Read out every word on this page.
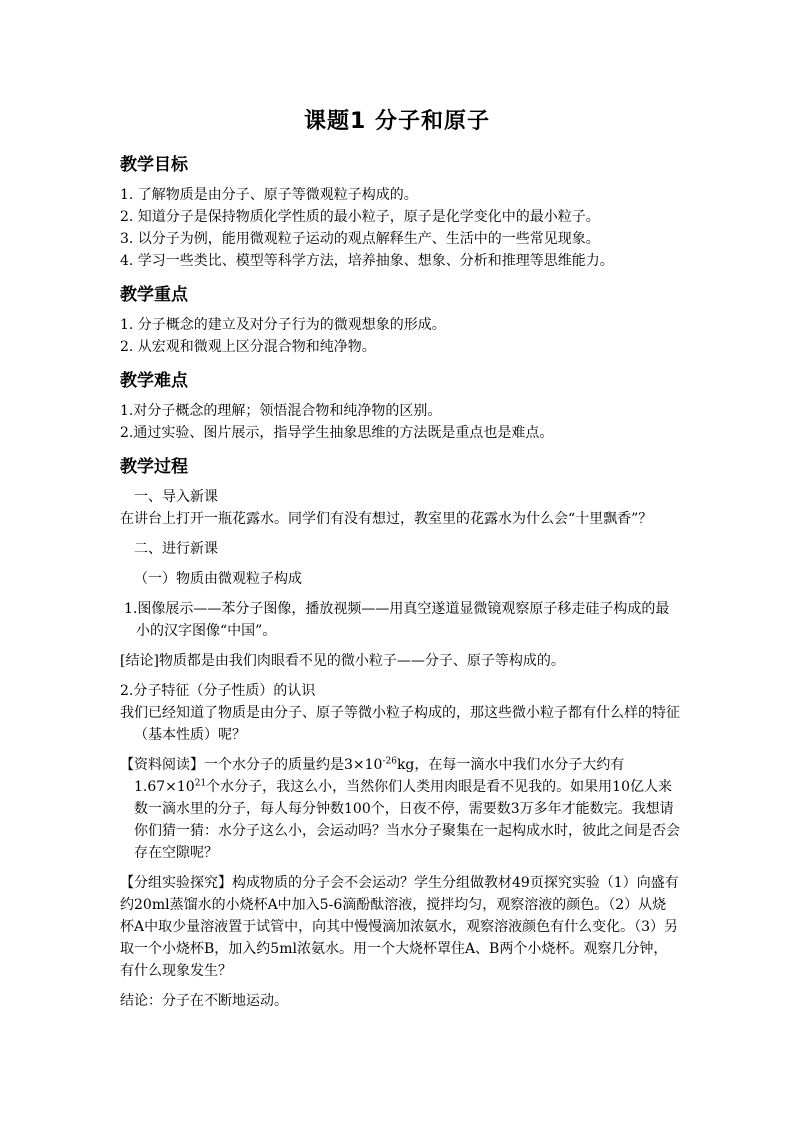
课题1 分子和原子
教学目标

1. 了解物质是由分子、原子等微观粒子构成的。

2. 知道分子是保持物质化学性质的最小粒子，原子是化学变化中的最小粒子。

3. 以分子为例，能用微观粒子运动的观点解释生产、生活中的一些常见现象。

4. 学习一些类比、模型等科学方法，培养抽象、想象、分析和推理等思维能力。

教学重点

1. 分子概念的建立及对分子行为的微观想象的形成。

2. 从宏观和微观上区分混合物和纯净物。

教学难点

1.对分子概念的理解；领悟混合物和纯净物的区别。

2.通过实验、图片展示，指导学生抽象思维的方法既是重点也是难点。

教学过程

一、导入新课

在讲台上打开一瓶花露水。同学们有没有想过，教室里的花露水为什么会“十里飘香”？

二、进行新课

（一）物质由微观粒子构成

1.图像展示——苯分子图像，播放视频——用真空遂道显微镜观察原子移走硅子构成的最小的汉字图像“中国”。

[结论]物质都是由我们肉眼看不见的微小粒子——分子、原子等构成的。

2.分子特征（分子性质）的认识

我们已经知道了物质是由分子、原子等微小粒子构成的，那这些微小粒子都有什么样的特征（基本性质）呢？

【资料阅读】一个水分子的质量约是$3\times 10^{-26}kg$，在每一滴水中我们水分子大约有$1.67\times 10^{21}$个水分子，我这么小，当然你们人类用肉眼是看不见我的。如果用10亿人来数一滴水里的分子，每人每分钟数100个，日夜不停，需要数3万多年才能数完。我想请你们猜一猜：水分子这么小，会运动吗？当水分子聚集在一起构成水时，彼此之间是否会存在空隙呢？

【分组实验探究】构成物质的分子会不会运动？学生分组做教材49页探究实验（1）向盛有约20ml蒸馏水的小烧杯A中加入5-6滴酚酞溶液，搅拌均匀，观察溶液的颜色。（2）从烧杯A中取少量溶液置于试管中，向其中慢慢滴加浓氨水，观察溶液颜色有什么变化。（3）另取一个小烧杯B，加入约5ml浓氨水。用一个大烧杯罩住A、B两个小烧杯。观察几分钟，有什么现象发生？

结论：分子在不断地运动。
